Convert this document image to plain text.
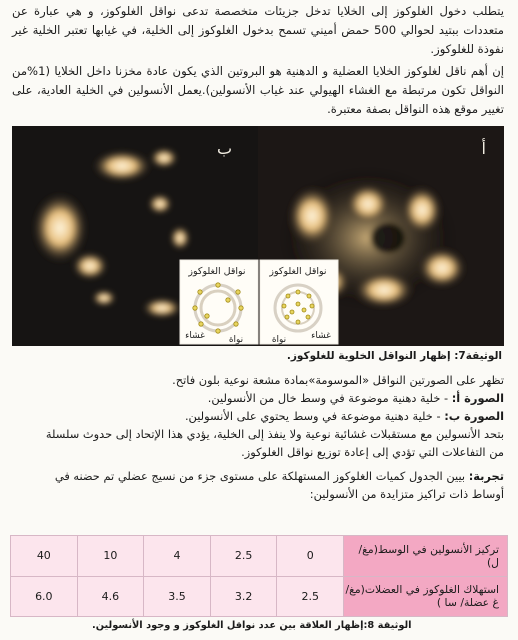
يتطلب دخول الغلوكوز إلى الخلايا تدخل جزيئات متخصصة تدعى نواقل الغلوكوز، و هي عبارة عن متعددات ببتيد لحوالي 500 حمض أميني تسمح بدخول الغلوكوز إلى الخلية، في غيابها تعتبر الخلية غير نفوذة للغلوكوز.
إن أهم ناقل لغلوكوز الخلايا العضلية و الدهنية هو البروتين الذي يكون عادة مخزنا داخل الخلايا (1%من النواقل تكون مرتبطة مع الغشاء الهيولي عند غياب الأنسولين).يعمل الأنسولين في الخلية العادية، على تغيير موقع هذه النواقل بصفة معتبرة.
ب	أ
نواقل الغلوكوز
غشاء	نواة
نواقل الغلوكوز
غشاء
نواة
الوثيقة7: إظهار النواقل الخلوية للغلوكوز.
تظهر على الصورتين النواقل «الموسومة»بمادة مشعة نوعية بلون فاتح.
الصورة أ: - خلية دهنية موضوعة في وسط خال من الأنسولين.
الصورة ب: - خلية دهنية موضوعة في وسط يحتوي على الأنسولين.
بتحد الأنسولين مع مستقبلات غشائية نوعية ولا ينفذ إلى الخلية، يؤدي هذا الإتحاد إلى حدوث سلسلة
من التفاعلات التي تؤدي إلى إعادة توزيع نواقل الغلوكوز.
تجربة: بيين الجدول كميات الغلوكوز المستهلكة على مستوى جزء من نسيج عضلي تم حضنه في
أوساط ذات تراكيز متزايدة من الأنسولين:
تركيز الأنسولين في الوسط(مغ/ ل)	0	2.5	4	10	40
استهلاك الغلوكوز في العضلات(مغ/ غ عضلة/ سا )	2.5	3.2	3.5	4.6	6.0
الوثيقة 8:إظهار العلاقة بين عدد نواقل الغلوكوز و وجود الأنسولين.
